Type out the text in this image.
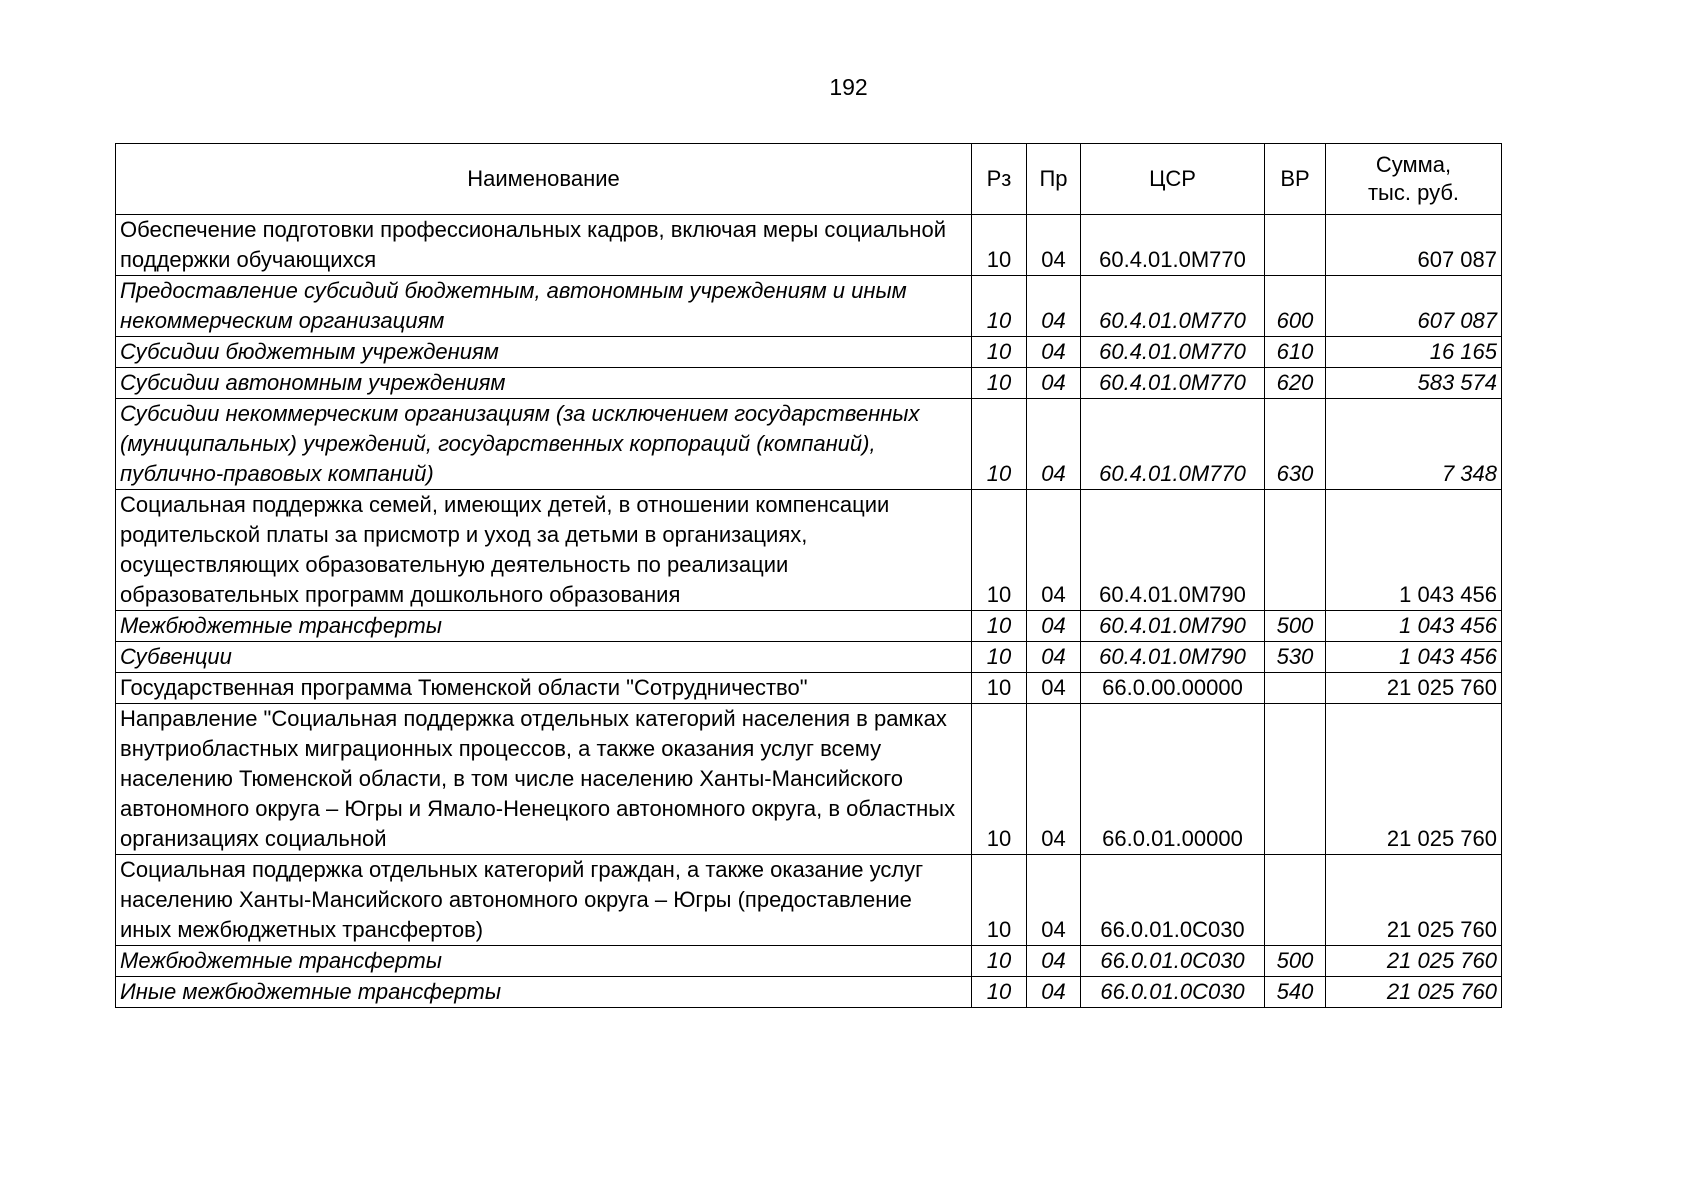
192
Наименование	Рз	Пр	ЦСР	ВР	Сумма, тыс. руб.
Обеспечение подготовки профессиональных кадров, включая меры социальной поддержки обучающихся	10	04	60.4.01.0М770		607 087
Предоставление субсидий бюджетным, автономным учреждениям и иным некоммерческим организациям	10	04	60.4.01.0М770	600	607 087
Субсидии бюджетным учреждениям	10	04	60.4.01.0М770	610	16 165
Субсидии автономным учреждениям	10	04	60.4.01.0М770	620	583 574
Субсидии некоммерческим организациям (за исключением государственных (муниципальных) учреждений, государственных корпораций (компаний), публично-правовых компаний)	10	04	60.4.01.0М770	630	7 348
Социальная поддержка семей, имеющих детей, в отношении компенсации родительской платы за присмотр и уход за детьми в организациях, осуществляющих образовательную деятельность по реализации образовательных программ дошкольного образования	10	04	60.4.01.0М790		1 043 456
Межбюджетные трансферты	10	04	60.4.01.0М790	500	1 043 456
Субвенции	10	04	60.4.01.0М790	530	1 043 456
Государственная программа Тюменской области "Сотрудничество"	10	04	66.0.00.00000		21 025 760
Направление "Социальная поддержка отдельных категорий населения в рамках внутриобластных миграционных процессов, а также оказания услуг всему населению Тюменской области, в том числе населению Ханты-Мансийского автономного округа – Югры и Ямало-Ненецкого автономного округа, в областных организациях социальной	10	04	66.0.01.00000		21 025 760
Социальная поддержка отдельных категорий граждан, а также оказание услуг населению Ханты-Мансийского автономного округа – Югры (предоставление иных межбюджетных трансфертов)	10	04	66.0.01.0С030		21 025 760
Межбюджетные трансферты	10	04	66.0.01.0С030	500	21 025 760
Иные межбюджетные трансферты	10	04	66.0.01.0С030	540	21 025 760
